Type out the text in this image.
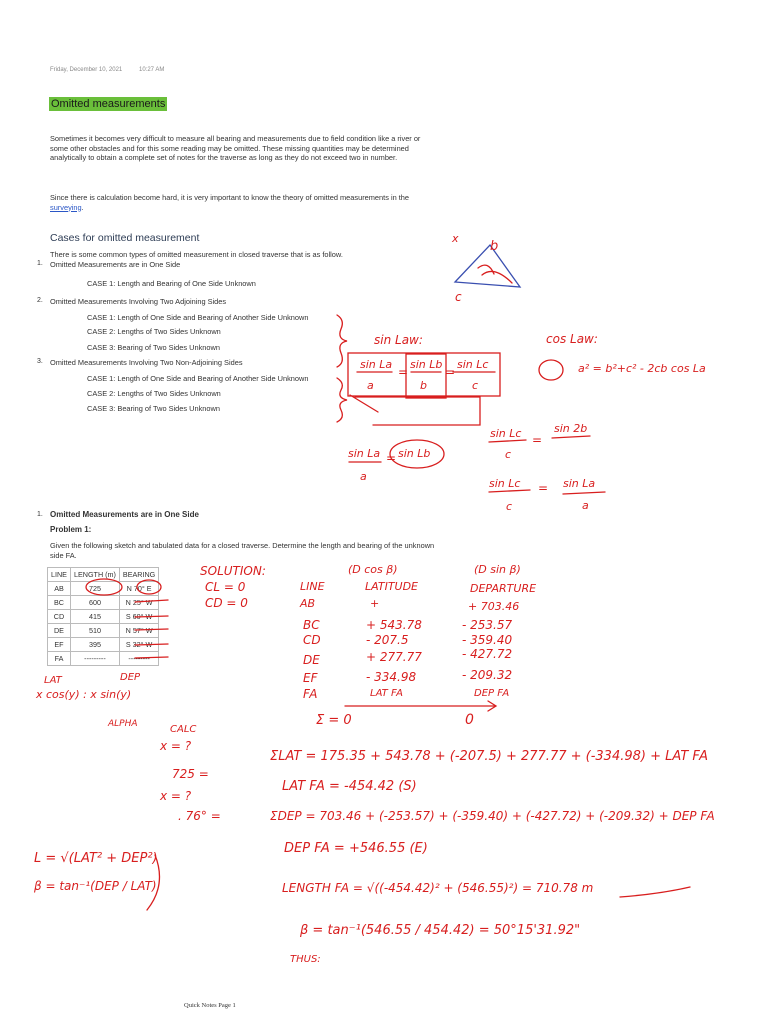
Friday, December 10, 2021	10:27 AM
Omitted measurements
Sometimes it becomes very difficult to measure all bearing and measurements due to field condition like a river or some other obstacles and for this some reading may be omitted. These missing quantities may be determined analytically to obtain a complete set of notes for the traverse as long as they do not exceed two in number.
Since there is calculation become hard, it is very important to know the theory of omitted measurements in the surveying.
Cases for omitted measurement
There is some common types of omitted measurement in closed traverse that is as follow.
1. Omitted Measurements are in One Side
CASE 1: Length and Bearing of One Side Unknown
2. Omitted Measurements Involving Two Adjoining Sides
CASE 1: Length of One Side and Bearing of Another Side Unknown
CASE 2: Lengths of Two Sides Unknown
CASE 3: Bearing of Two Sides Unknown
3. Omitted Measurements Involving Two Non-Adjoining Sides
CASE 1: Length of One Side and Bearing of Another Side Unknown
CASE 2: Lengths of Two Sides Unknown
CASE 3: Bearing of Two Sides Unknown
1. Omitted Measurements are in One Side
Problem 1:
Given the following sketch and tabulated data for a closed traverse. Determine the length and bearing of the unknown side FA.
LINE	LENGTH (m)	BEARING
AB	725	N 70° E
BC	600	N 25° W
CD	415	S 60° W
DE	510	N 57° W
EF	395	S 32° W
FA	---------	---------
sin Law:	cos Law:
a² = b²+c² - 2cb cos La
sin La
a
=
sin Lb
b
=
sin Lc
c
sin La
a
= sin Lb
sin Lc
c
=
sin 2b
sin Lc
c
= sin La
a
x
b
c
SOLUTION:
CL = 0
CD = 0
(D cos β)	(D sin β)
LINE	LATITUDE	DEPARTURE
AB	+	+ 703.46
BC	+ 543.78	- 253.57
CD	- 207.5	- 359.40
DE	+ 277.77	- 427.72
EF	- 334.98	- 209.32
FA	LAT FA	DEP FA
Σ = 0	0
LAT	DEP
x cos(y) : x sin(y)
ALPHA	CALC
x = ?
725 =
x = ?
. 76° =
ΣLAT = 175.35 + 543.78 + (-207.5) + 277.77 + (-334.98) + LAT FA
LAT FA = -454.42 (S)
ΣDEP = 703.46 + (-253.57) + (-359.40) + (-427.72) + (-209.32) + DEP FA
DEP FA = +546.55 (E)
LENGTH FA = √((-454.42)² + (546.55)²) = 710.78 m
β = tan⁻¹(546.55 / 454.42) = 50°15'31.92"
THUS:
L = √(LAT² + DEP²)
β = tan⁻¹(DEP / LAT)
Quick Notes Page 1
